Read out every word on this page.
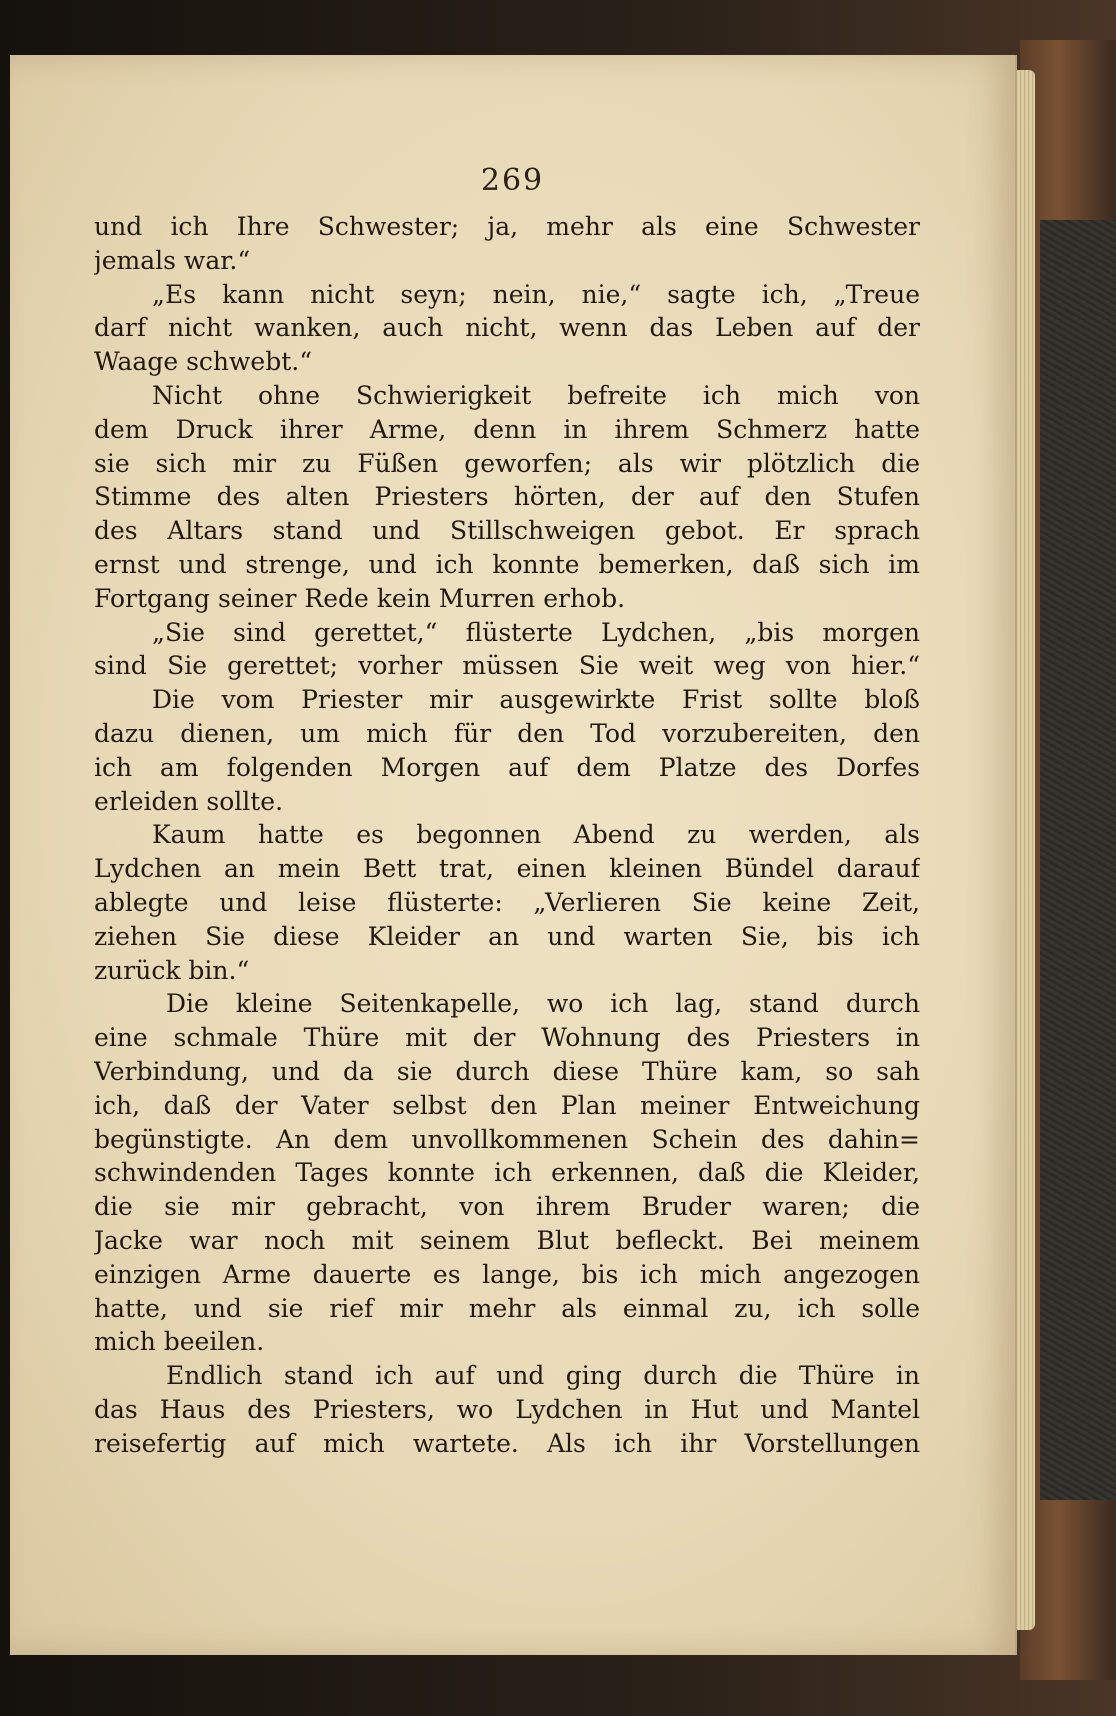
269
und ich Ihre Schwester; ja, mehr als eine Schwester
jemals war.“
„Es kann nicht seyn; nein, nie,“ sagte ich, „Treue
darf nicht wanken, auch nicht, wenn das Leben auf der
Waage schwebt.“
Nicht ohne Schwierigkeit befreite ich mich von
dem Druck ihrer Arme, denn in ihrem Schmerz hatte
sie sich mir zu Füßen geworfen; als wir plötzlich die
Stimme des alten Priesters hörten, der auf den Stufen
des Altars stand und Stillschweigen gebot. Er sprach
ernst und strenge, und ich konnte bemerken, daß sich im
Fortgang seiner Rede kein Murren erhob.
„Sie sind gerettet,“ flüsterte Lydchen, „bis morgen
sind Sie gerettet; vorher müssen Sie weit weg von hier.“
Die vom Priester mir ausgewirkte Frist sollte bloß
dazu dienen, um mich für den Tod vorzubereiten, den
ich am folgenden Morgen auf dem Platze des Dorfes
erleiden sollte.
Kaum hatte es begonnen Abend zu werden, als
Lydchen an mein Bett trat, einen kleinen Bündel darauf
ablegte und leise flüsterte: „Verlieren Sie keine Zeit,
ziehen Sie diese Kleider an und warten Sie, bis ich
zurück bin.“
Die kleine Seitenkapelle, wo ich lag, stand durch
eine schmale Thüre mit der Wohnung des Priesters in
Verbindung, und da sie durch diese Thüre kam, so sah
ich, daß der Vater selbst den Plan meiner Entweichung
begünstigte. An dem unvollkommenen Schein des dahin=
schwindenden Tages konnte ich erkennen, daß die Kleider,
die sie mir gebracht, von ihrem Bruder waren; die
Jacke war noch mit seinem Blut befleckt. Bei meinem
einzigen Arme dauerte es lange, bis ich mich angezogen
hatte, und sie rief mir mehr als einmal zu, ich solle
mich beeilen.
Endlich stand ich auf und ging durch die Thüre in
das Haus des Priesters, wo Lydchen in Hut und Mantel
reisefertig auf mich wartete. Als ich ihr Vorstellungen
